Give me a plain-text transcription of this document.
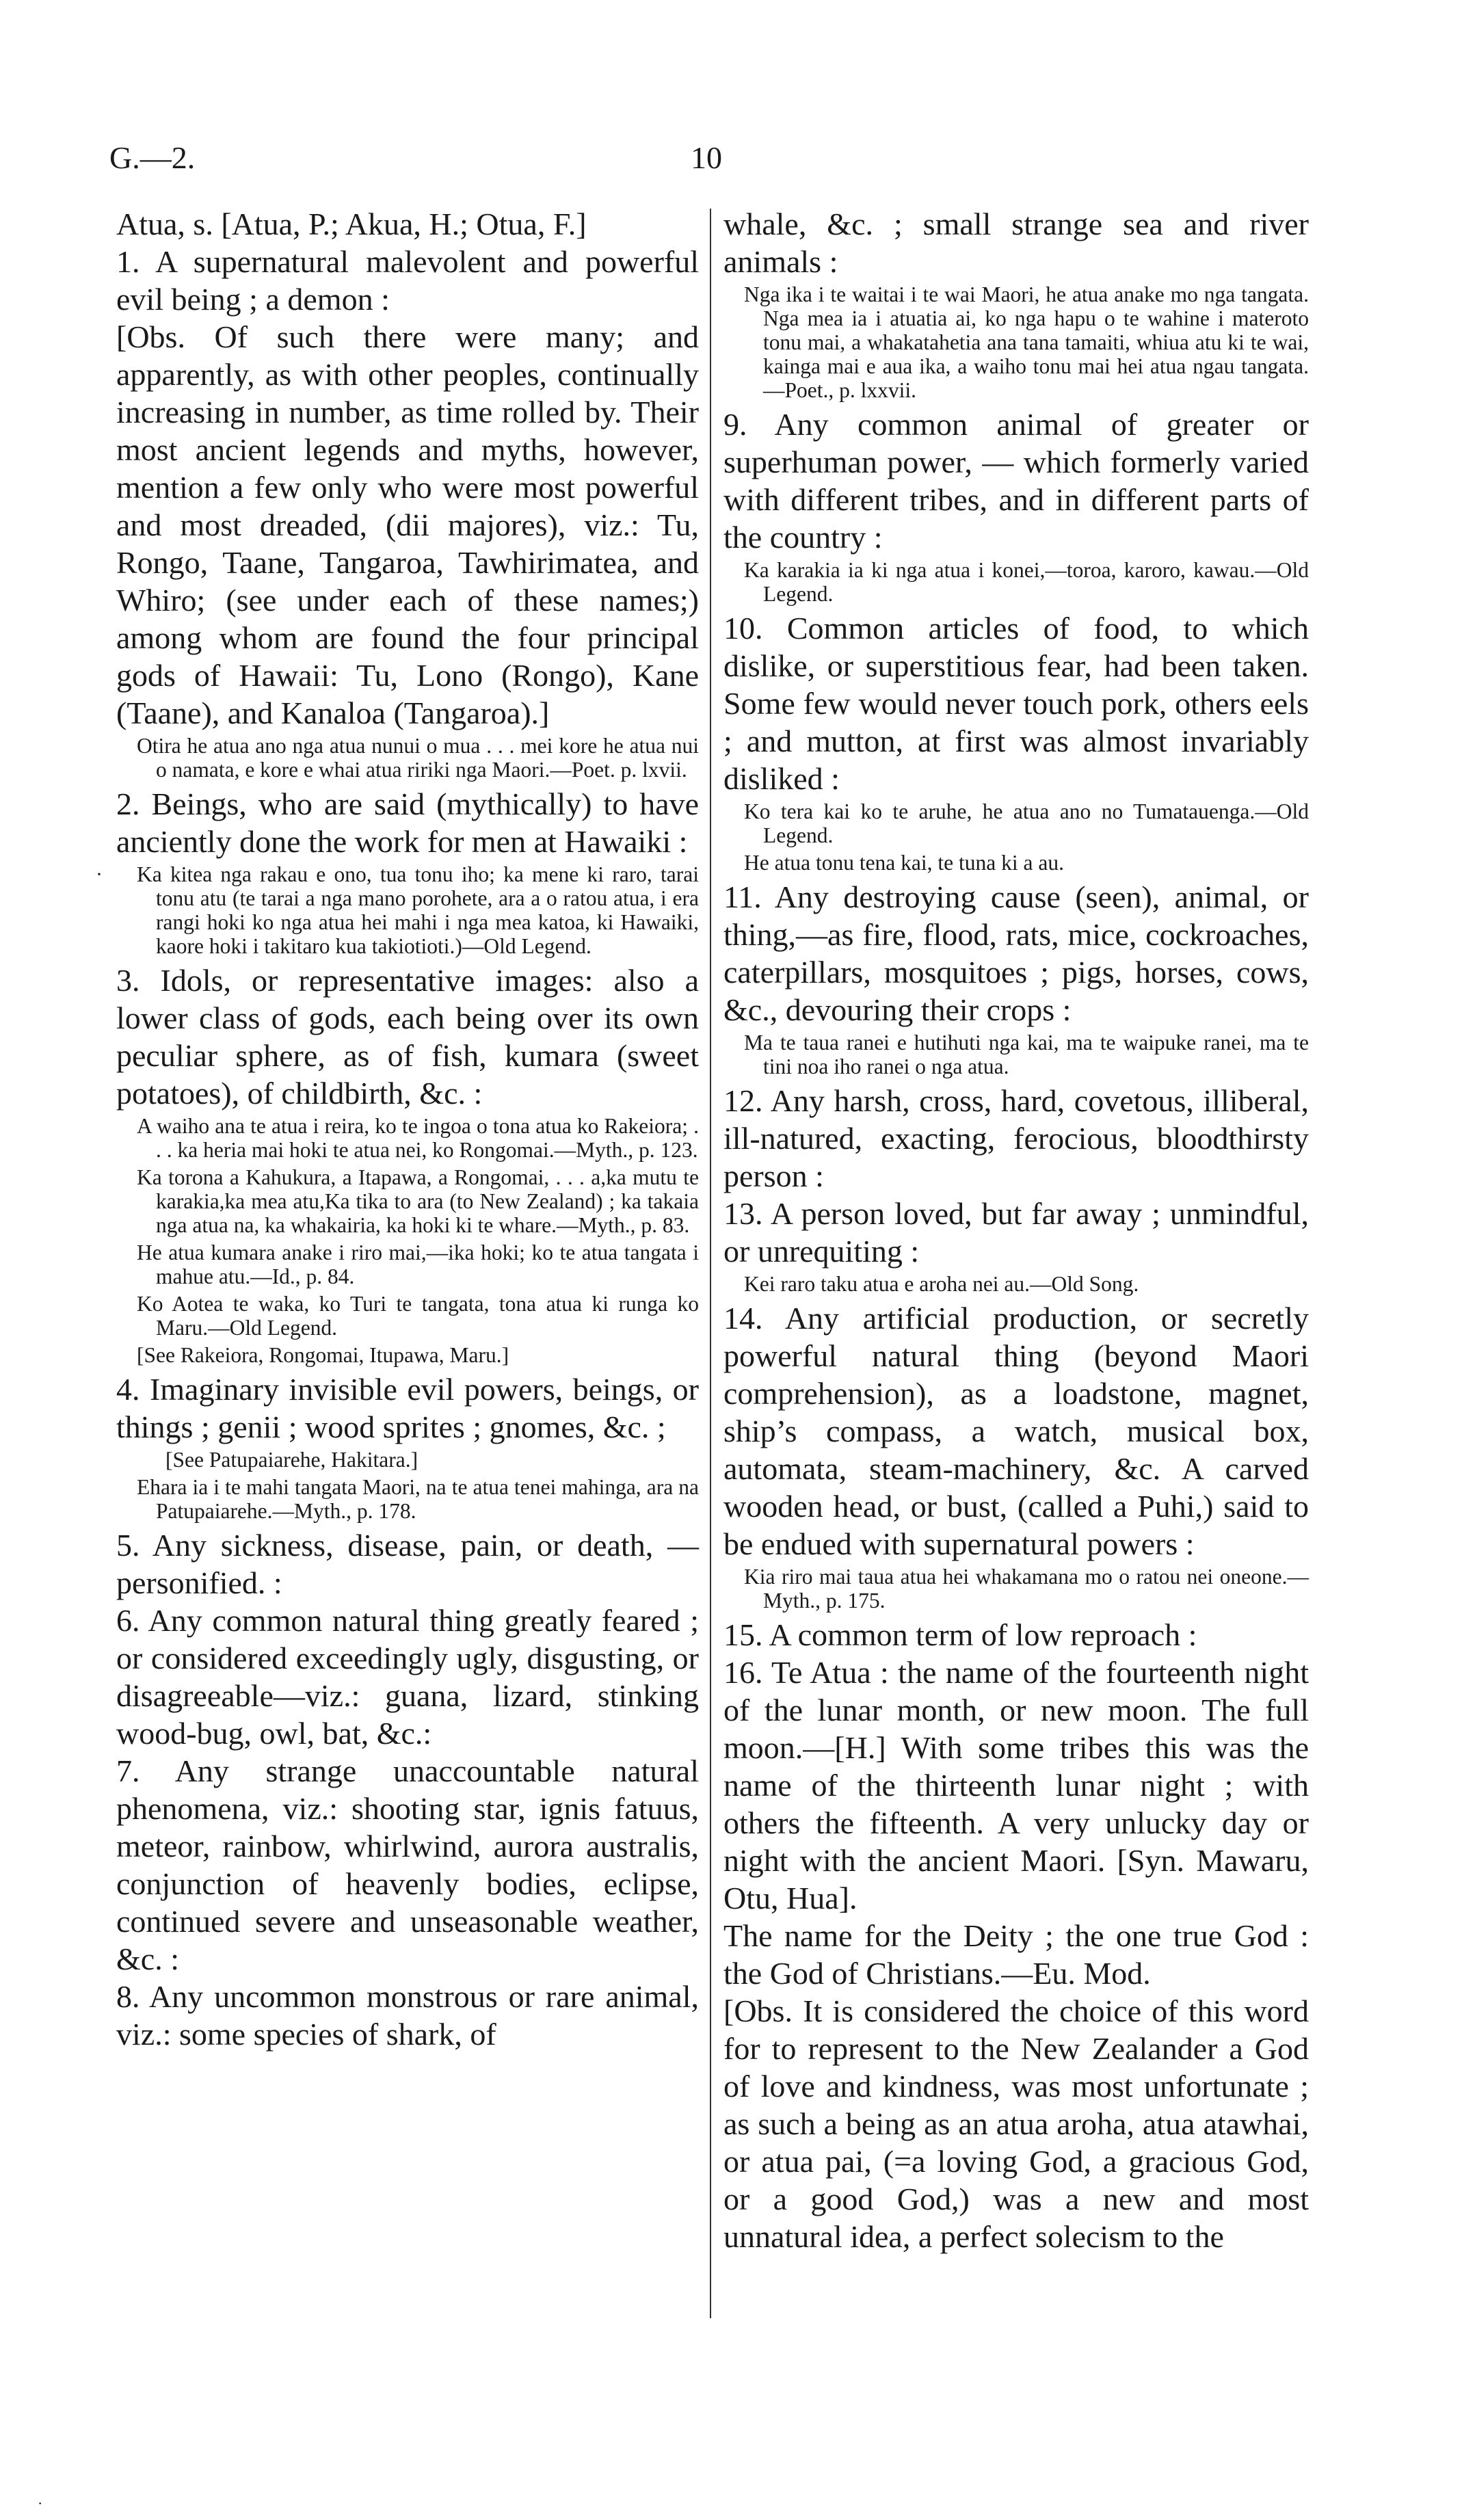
G.—2.	10

Atua, s. [Atua, P.; Akua, H.; Otua, F.]

1. A supernatural malevolent and powerful evil being ; a demon :

[Obs. Of such there were many; and apparently, as with other peoples, continually increasing in number, as time rolled by. Their most ancient legends and myths, however, mention a few only who were most powerful and most dreaded, (dii majores), viz.: Tu, Rongo, Taane, Tangaroa, Tawhirimatea, and Whiro; (see under each of these names;) among whom are found the four principal gods of Hawaii: Tu, Lono (Rongo), Kane (Taane), and Kanaloa (Tangaroa).]

Otira he atua ano nga atua nunui o mua . . . mei kore he atua nui o namata, e kore e whai atua ririki nga Maori.—Poet. p. lxvii.

2. Beings, who are said (mythically) to have anciently done the work for men at Hawaiki :

Ka kitea nga rakau e ono, tua tonu iho; ka mene ki raro, tarai tonu atu (te tarai a nga mano porohete, ara a o ratou atua, i era rangi hoki ko nga atua hei mahi i nga mea katoa, ki Hawaiki, kaore hoki i takitaro kua takiotioti.)—Old Legend.

3. Idols, or representative images: also a lower class of gods, each being over its own peculiar sphere, as of fish, kumara (sweet potatoes), of childbirth, &c. :

A waiho ana te atua i reira, ko te ingoa o tona atua ko Rakeiora; . . . ka heria mai hoki te atua nei, ko Rongomai.—Myth., p. 123.

Ka torona a Kahukura, a Itapawa, a Rongomai, . . . a,ka mutu te karakia,ka mea atu,Ka tika to ara (to New Zealand) ; ka takaia nga atua na, ka whakairia, ka hoki ki te whare.—Myth., p. 83.

He atua kumara anake i riro mai,—ika hoki; ko te atua tangata i mahue atu.—Id., p. 84.

Ko Aotea te waka, ko Turi te tangata, tona atua ki runga ko Maru.—Old Legend.

[See Rakeiora, Rongomai, Itupawa, Maru.]

4. Imaginary invisible evil powers, beings, or things ; genii ; wood sprites ; gnomes, &c. ;

[See Patupaiarehe, Hakitara.]

Ehara ia i te mahi tangata Maori, na te atua tenei mahinga, ara na Patupaiarehe.—Myth., p. 178.

5. Any sickness, disease, pain, or death, —personified. :

6. Any common natural thing greatly feared ; or considered exceedingly ugly, disgusting, or disagreeable—viz.: guana, lizard, stinking wood-bug, owl, bat, &c.:

7. Any strange unaccountable natural phenomena, viz.: shooting star, ignis fatuus, meteor, rainbow, whirlwind, aurora australis, conjunction of heavenly bodies, eclipse, continued severe and unseasonable weather, &c. :

8. Any uncommon monstrous or rare animal, viz.: some species of shark, of

whale, &c. ; small strange sea and river animals :

Nga ika i te waitai i te wai Maori, he atua anake mo nga tangata. Nga mea ia i atuatia ai, ko nga hapu o te wahine i materoto tonu mai, a whakatahetia ana tana tamaiti, whiua atu ki te wai, kainga mai e aua ika, a waiho tonu mai hei atua ngau tangata.—Poet., p. lxxvii.

9. Any common animal of greater or superhuman power, — which formerly varied with different tribes, and in different parts of the country :

Ka karakia ia ki nga atua i konei,—toroa, karoro, kawau.—Old Legend.

10. Common articles of food, to which dislike, or superstitious fear, had been taken. Some few would never touch pork, others eels ; and mutton, at first was almost invariably disliked :

Ko tera kai ko te aruhe, he atua ano no Tumatauenga.—Old Legend.

He atua tonu tena kai, te tuna ki a au.

11. Any destroying cause (seen), animal, or thing,—as fire, flood, rats, mice, cockroaches, caterpillars, mosquitoes ; pigs, horses, cows, &c., devouring their crops :

Ma te taua ranei e hutihuti nga kai, ma te waipuke ranei, ma te tini noa iho ranei o nga atua.

12. Any harsh, cross, hard, covetous, illiberal, ill-natured, exacting, ferocious, bloodthirsty person :

13. A person loved, but far away ; unmindful, or unrequiting :

Kei raro taku atua e aroha nei au.—Old Song.

14. Any artificial production, or secretly powerful natural thing (beyond Maori comprehension), as a loadstone, magnet, ship’s compass, a watch, musical box, automata, steam-machinery, &c. A carved wooden head, or bust, (called a Puhi,) said to be endued with supernatural powers :

Kia riro mai taua atua hei whakamana mo o ratou nei oneone.—Myth., p. 175.

15. A common term of low reproach :

16. Te Atua : the name of the fourteenth night of the lunar month, or new moon. The full moon.—[H.] With some tribes this was the name of the thirteenth lunar night ; with others the fifteenth. A very unlucky day or night with the ancient Maori. [Syn. Mawaru, Otu, Hua].

The name for the Deity ; the one true God : the God of Christians.—Eu. Mod.

[Obs. It is considered the choice of this word for to represent to the New Zealander a God of love and kindness, was most unfortunate ; as such a being as an atua aroha, atua atawhai, or atua pai, (=a loving God, a gracious God, or a good God,) was a new and most unnatural idea, a perfect solecism to the

·
·
